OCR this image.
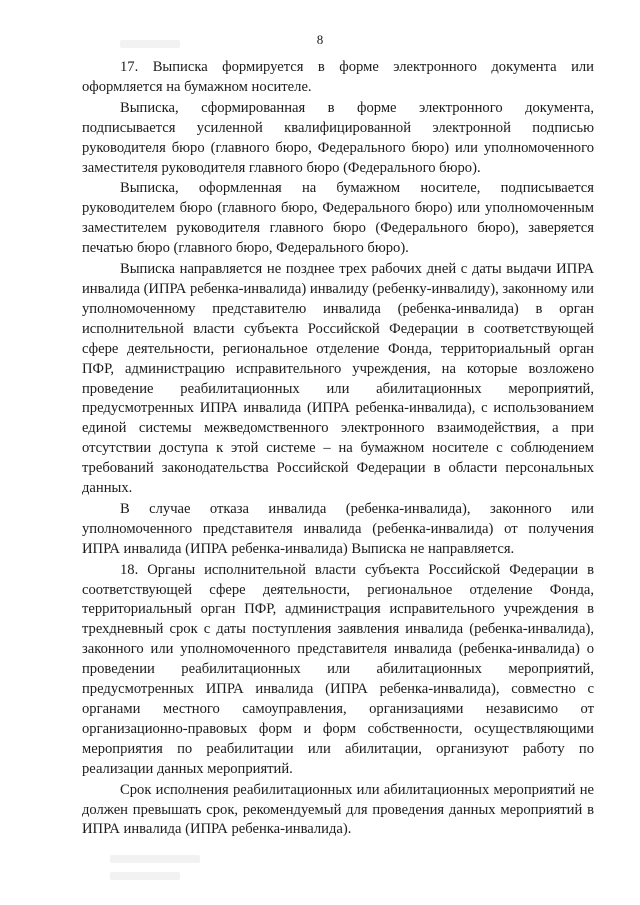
8

17. Выписка формируется в форме электронного документа или оформляется на бумажном носителе.

Выписка, сформированная в форме электронного документа, подписывается усиленной квалифицированной электронной подписью руководителя бюро (главного бюро, Федерального бюро) или уполномоченного заместителя руководителя главного бюро (Федерального бюро).

Выписка, оформленная на бумажном носителе, подписывается руководителем бюро (главного бюро, Федерального бюро) или уполномоченным заместителем руководителя главного бюро (Федерального бюро), заверяется печатью бюро (главного бюро, Федерального бюро).

Выписка направляется не позднее трех рабочих дней с даты выдачи ИПРА инвалида (ИПРА ребенка-инвалида) инвалиду (ребенку-инвалиду), законному или уполномоченному представителю инвалида (ребенка-инвалида) в орган исполнительной власти субъекта Российской Федерации в соответствующей сфере деятельности, региональное отделение Фонда, территориальный орган ПФР, администрацию исправительного учреждения, на которые возложено проведение реабилитационных или абилитационных мероприятий, предусмотренных ИПРА инвалида (ИПРА ребенка-инвалида), с использованием единой системы межведомственного электронного взаимодействия, а при отсутствии доступа к этой системе – на бумажном носителе с соблюдением требований законодательства Российской Федерации в области персональных данных.

В случае отказа инвалида (ребенка-инвалида), законного или уполномоченного представителя инвалида (ребенка-инвалида) от получения ИПРА инвалида (ИПРА ребенка-инвалида) Выписка не направляется.

18. Органы исполнительной власти субъекта Российской Федерации в соответствующей сфере деятельности, региональное отделение Фонда, территориальный орган ПФР, администрация исправительного учреждения в трехдневный срок с даты поступления заявления инвалида (ребенка-инвалида), законного или уполномоченного представителя инвалида (ребенка-инвалида) о проведении реабилитационных или абилитационных мероприятий, предусмотренных ИПРА инвалида (ИПРА ребенка-инвалида), совместно с органами местного самоуправления, организациями независимо от организационно-правовых форм и форм собственности, осуществляющими мероприятия по реабилитации или абилитации, организуют работу по реализации данных мероприятий.

Срок исполнения реабилитационных или абилитационных мероприятий не должен превышать срок, рекомендуемый для проведения данных мероприятий в ИПРА инвалида (ИПРА ребенка-инвалида).
